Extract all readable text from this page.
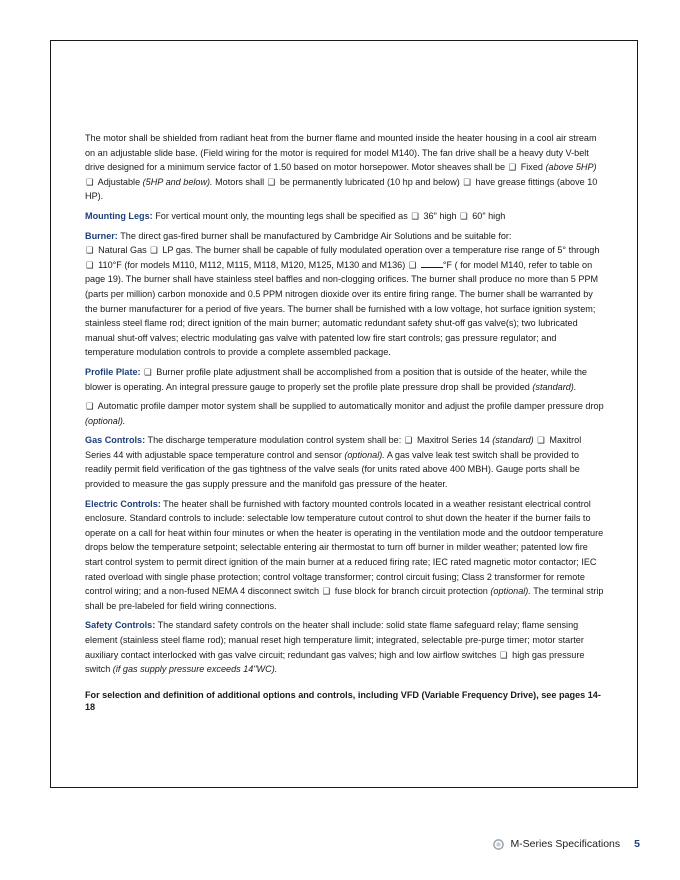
The motor shall be shielded from radiant heat from the burner flame and mounted inside the heater housing in a cool air stream on an adjustable slide base. (Field wiring for the motor is required for model M140). The fan drive shall be a heavy duty V-belt drive designed for a minimum service factor of 1.50 based on motor horsepower. Motor sheaves shall be ❑ Fixed (above 5HP) ❑ Adjustable (5HP and below). Motors shall ❑ be permanently lubricated (10 hp and below) ❑ have grease fittings (above 10 HP).

Mounting Legs: For vertical mount only, the mounting legs shall be specified as ❑ 36" high ❑ 60" high

Burner: The direct gas-fired burner shall be manufactured by Cambridge Air Solutions and be suitable for:
❑ Natural Gas ❑ LP gas. The burner shall be capable of fully modulated operation over a temperature rise range of 5° through ❑ 110°F (for models M110, M112, M115, M118, M120, M125, M130 and M136) ❑	°F ( for model M140, refer to table on page 19). The burner shall have stainless steel baffles and non-clogging orifices. The burner shall produce no more than 5 PPM (parts per million) carbon monoxide and 0.5 PPM nitrogen dioxide over its entire firing range. The burner shall be warranted by the burner manufacturer for a period of five years. The burner shall be furnished with a low voltage, hot surface ignition system; stainless steel flame rod; direct ignition of the main burner; automatic redundant safety shut-off gas valve(s); two lubricated manual shut-off valves; electric modulating gas valve with patented low fire start controls; gas pressure regulator; and temperature modulation controls to provide a complete assembled package.

Profile Plate: ❑ Burner profile plate adjustment shall be accomplished from a position that is outside of the heater, while the blower is operating. An integral pressure gauge to properly set the profile plate pressure drop shall be provided (standard).

❑ Automatic profile damper motor system shall be supplied to automatically monitor and adjust the profile damper pressure drop (optional).

Gas Controls: The discharge temperature modulation control system shall be: ❑ Maxitrol Series 14 (standard) ❑ Maxitrol Series 44 with adjustable space temperature control and sensor (optional). A gas valve leak test switch shall be provided to readily permit field verification of the gas tightness of the valve seals (for units rated above 400 MBH). Gauge ports shall be provided to measure the gas supply pressure and the manifold gas pressure of the heater.

Electric Controls: The heater shall be furnished with factory mounted controls located in a weather resistant electrical control enclosure. Standard controls to include: selectable low temperature cutout control to shut down the heater if the burner fails to operate on a call for heat within four minutes or when the heater is operating in the ventilation mode and the outdoor temperature drops below the temperature setpoint; selectable entering air thermostat to turn off burner in milder weather; patented low fire start control system to permit direct ignition of the main burner at a reduced firing rate; IEC rated magnetic motor contactor; IEC rated overload with single phase protection; control voltage transformer; control circuit fusing; Class 2 transformer for remote control wiring; and a non-fused NEMA 4 disconnect switch ❑ fuse block for branch circuit protection (optional). The terminal strip shall be pre-labeled for field wiring connections.

Safety Controls: The standard safety controls on the heater shall include: solid state flame safeguard relay; flame sensing element (stainless steel flame rod); manual reset high temperature limit; integrated, selectable pre-purge timer; motor starter auxiliary contact interlocked with gas valve circuit; redundant gas valves; high and low airflow switches ❑ high gas pressure switch (if gas supply pressure exceeds 14"WC).

For selection and definition of additional options and controls, including VFD (Variable Frequency Drive), see pages 14-18
M-Series Specifications 5
